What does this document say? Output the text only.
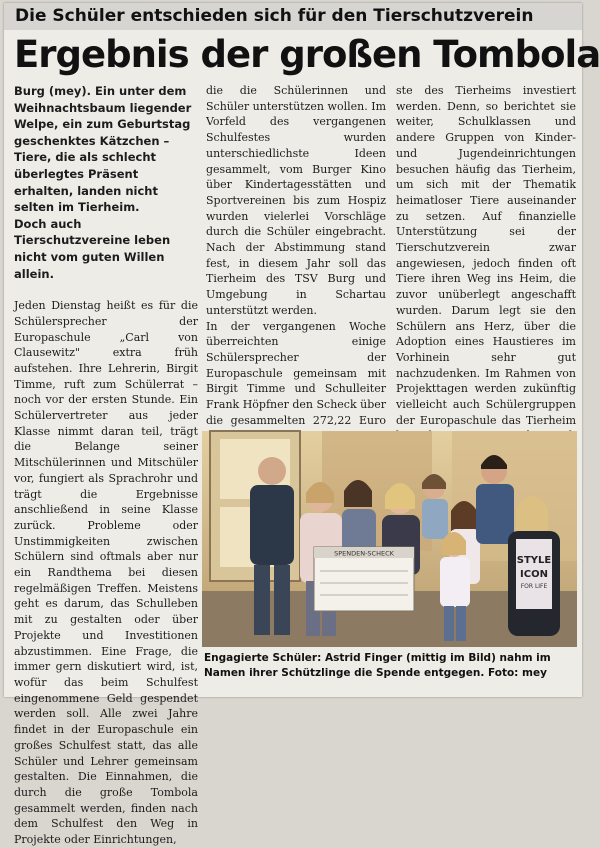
Die Schüler entschieden sich für den Tierschutzverein
Ergebnis der großen Tombola

Burg (mey). Ein unter dem Weihnachtsbaum liegender Welpe, ein zum Geburtstag geschenktes Kätzchen – Tiere, die als schlecht überlegtes Präsent erhalten, landen nicht selten im Tierheim.

Doch auch Tierschutzvereine leben nicht vom guten Willen allein.

Jeden Dienstag heißt es für die Schülersprecher der Europaschule „Carl von Clausewitz" extra früh aufstehen. Ihre Lehrerin, Birgit Timme, ruft zum Schülerrat – noch vor der ersten Stunde. Ein Schülervertreter aus jeder Klasse nimmt daran teil, trägt die Belange seiner Mitschülerinnen und Mitschüler vor, fungiert als Sprachrohr und trägt die Ergebnisse anschließend in seine Klasse zurück. Probleme oder Unstimmigkeiten zwischen Schülern sind oftmals aber nur ein Randthema bei diesen regelmäßigen Treffen. Meistens geht es darum, das Schulleben mit zu gestalten oder über Projekte und Investitionen abzustimmen. Eine Frage, die immer gern diskutiert wird, ist, wofür das beim Schulfest eingenommene Geld gespendet werden soll. Alle zwei Jahre findet in der Europaschule ein großes Schulfest statt, das alle Schüler und Lehrer gemeinsam gestalten. Die Einnahmen, die durch die große Tombola gesammelt werden, finden nach dem Schulfest den Weg in Projekte oder Einrichtungen,

die die Schülerinnen und Schüler unterstützen wollen. Im Vorfeld des vergangenen Schulfestes wurden unterschiedlichste Ideen gesammelt, vom Burger Kino über Kindertagesstätten und Sportvereinen bis zum Hospiz wurden vielerlei Vorschläge durch die Schüler eingebracht. Nach der Abstimmung stand fest, in diesem Jahr soll das Tierheim des TSV Burg und Umgebung in Schartau unterstützt werden.

In der vergangenen Woche überreichten einige Schülersprecher der Europaschule gemeinsam mit Birgit Timme und Schulleiter Frank Höpfner den Scheck über die gesammelten 272,22 Euro

ste des Tierheims investiert werden. Denn, so berichtet sie weiter, Schulklassen und andere Gruppen von Kinder- und Jugendeinrichtungen besuchen häufig das Tierheim, um sich mit der Thematik heimatloser Tiere auseinander zu setzen. Auf finanzielle Unterstützung sei der Tierschutzverein zwar angewiesen, jedoch finden oft Tiere ihren Weg ins Heim, die zuvor unüberlegt angeschafft wurden. Darum legt sie den Schülern ans Herz, über die Adoption eines Haustieres im Vorhinein sehr gut nachzudenken. Im Rahmen von Projekttagen werden zukünftig vielleicht auch Schülergruppen der Europaschule das Tierheim

STYLE
ICON
FOR LIFE
SPENDEN-SCHECK
Engagierte Schüler: Astrid Finger (mittig im Bild) nahm im Namen ihrer Schützlinge die Spende entgegen. Foto: mey
